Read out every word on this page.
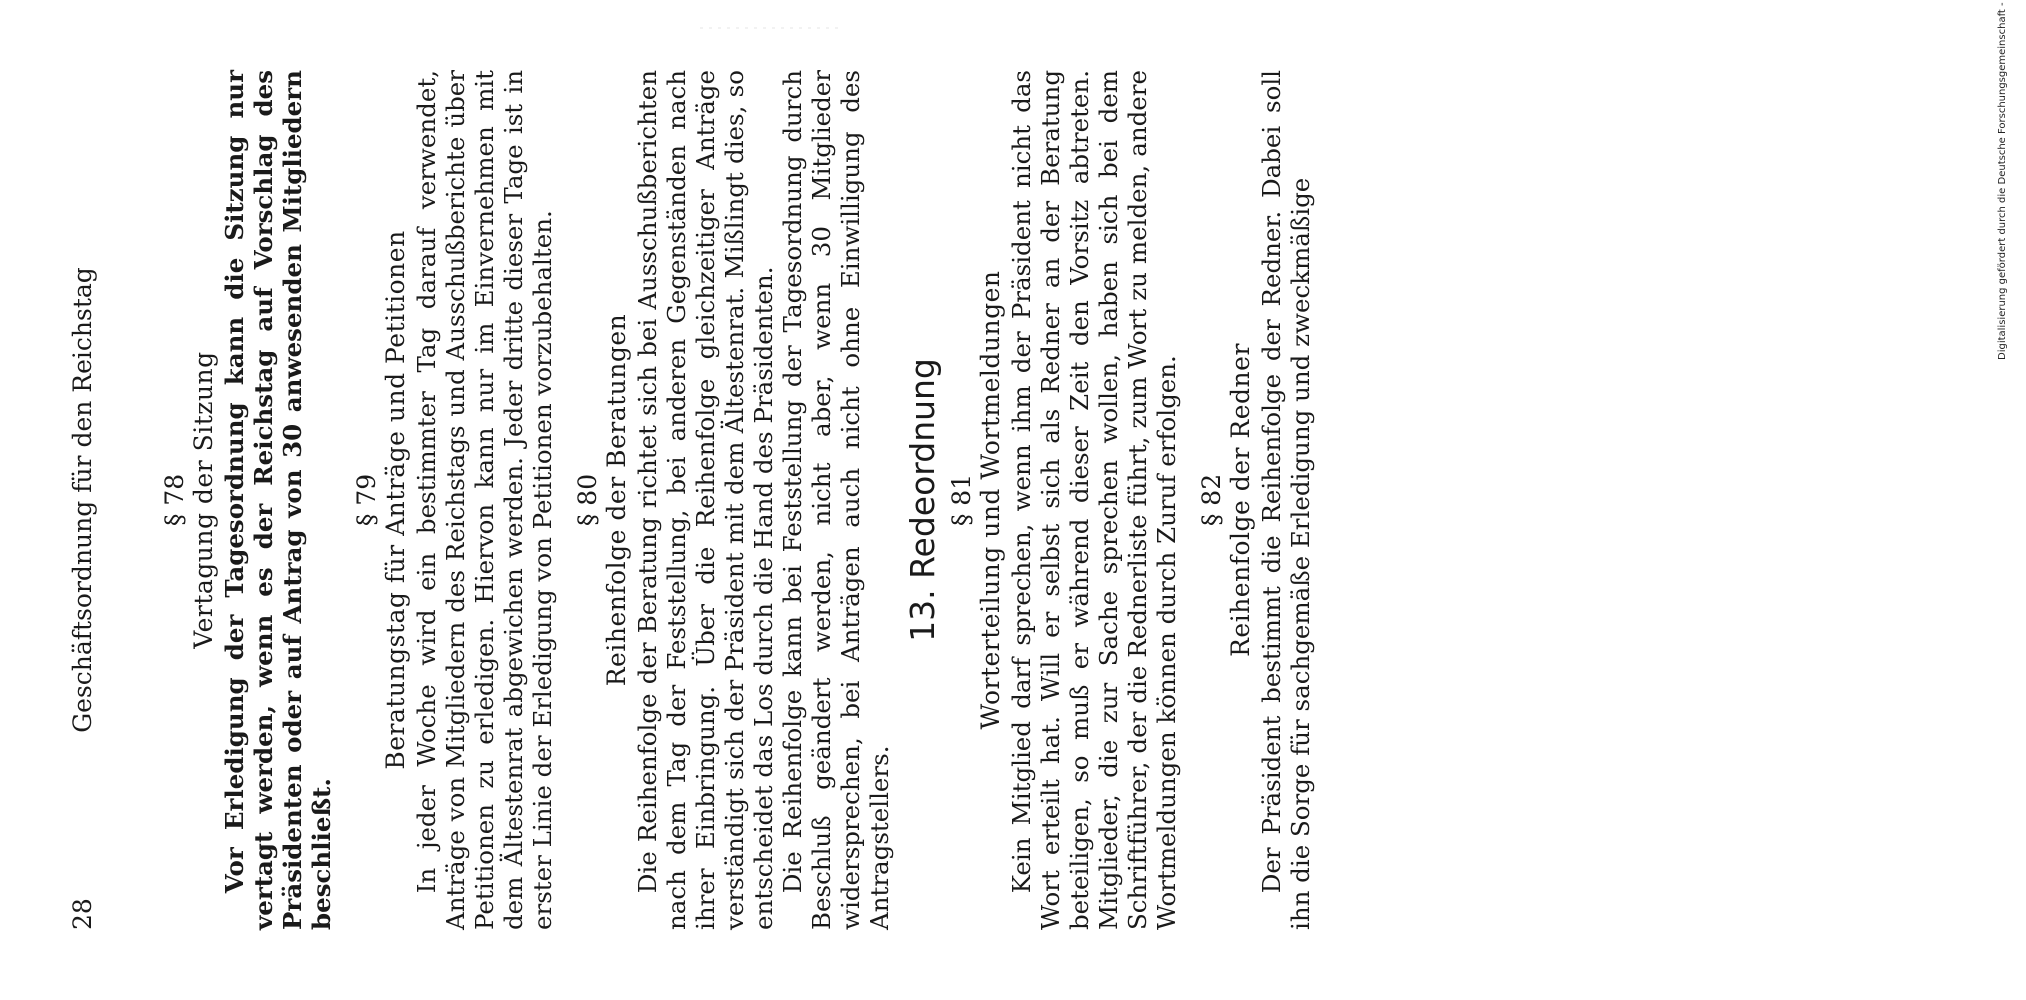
28
Geschäftsordnung für den Reichstag	§ 78 Vertagung der Sitzung Vor Erledigung der Tagesordnung kann die Sitzung nur vertagt werden, wenn es der Reichstag auf Vorschlag des Präsidenten oder auf Antrag von 30 anwesenden Mitgliedern beschließt.

§ 79 Beratungstag für Anträge und Petitionen In jeder Woche wird ein bestimmter Tag darauf verwendet, Anträge von Mitgliedern des Reichstags und Ausschußberichte über Petitionen zu erledigen. Hiervon kann nur im Einvernehmen mit dem Ältestenrat abgewichen werden. Jeder dritte dieser Tage ist in erster Linie der Erledigung von Petitionen vorzubehalten. § 80 Reihenfolge der Beratungen Die Reihenfolge der Beratung richtet sich bei Ausschußberichten nach dem Tag der Feststellung, bei anderen Gegenständen nach ihrer Einbringung. Über die Reihenfolge gleichzeitiger Anträge verständigt sich der Präsident mit dem Ältestenrat. Mißlingt dies, so entscheidet das Los durch die Hand des Präsidenten. Die Reihenfolge kann bei Feststellung der Tagesordnung durch Beschluß geändert werden, nicht aber, wenn 30 Mitglieder widersprechen, bei Anträgen auch nicht ohne Einwilligung des Antragstellers.

13. Redeordnung § 81 Worterteilung und Wortmeldungen Kein Mitglied darf sprechen, wenn ihm der Präsident nicht das Wort erteilt hat. Will er selbst sich als Redner an der Beratung beteiligen, so muß er während dieser Zeit den Vorsitz abtreten. Mitglieder, die zur Sache sprechen wollen, haben sich bei dem Schriftführer, der die Rednerliste führt, zum Wort zu melden, andere Wortmeldungen können durch Zuruf erfolgen. § 82 Reihenfolge der Redner Der Präsident bestimmt die Reihenfolge der Redner. Dabei soll ihn die Sorge für sachgemäße Erledigung und zweckmäßige	Digitalisierung gefördert durch die Deutsche Forschungsgemeinschaft -
